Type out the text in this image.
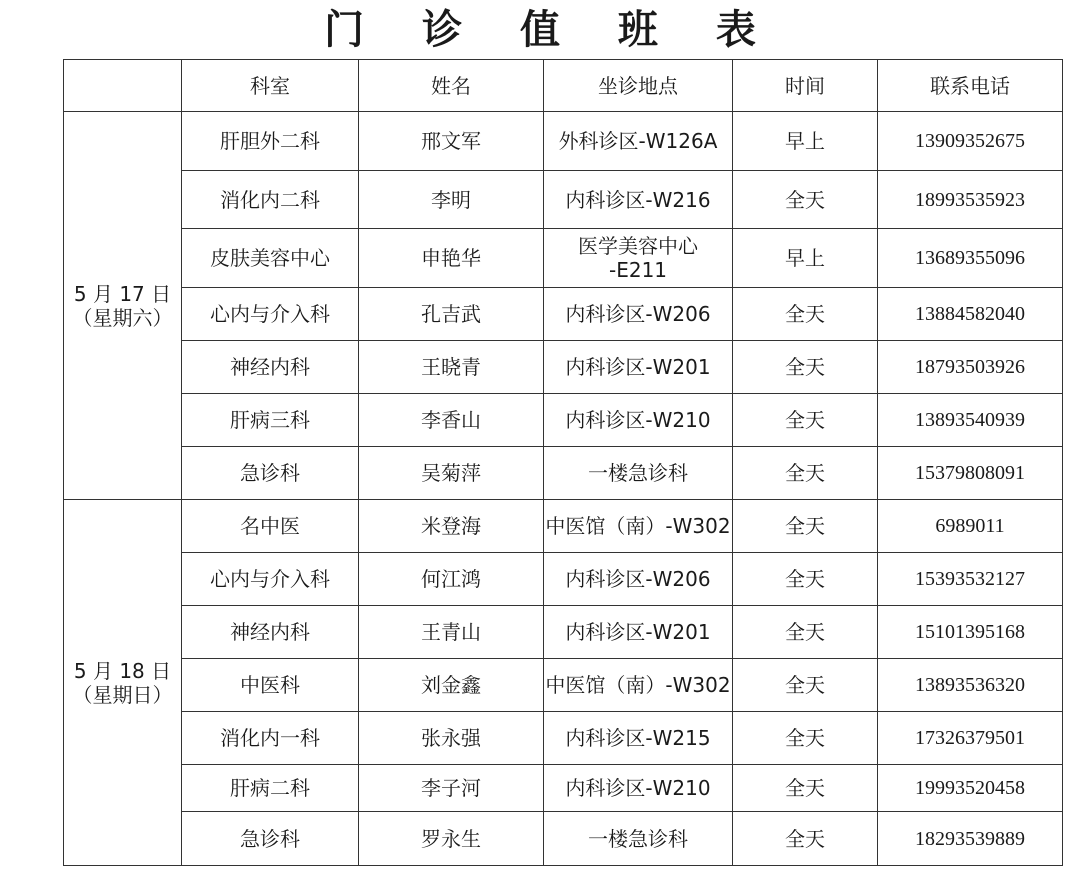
门 诊 值 班 表
	科室	姓名	坐诊地点	时间	联系电话

5 月 17 日
（星期六）	肝胆外二科	邢文军	外科诊区-W126A	早上	13909352675
	消化内二科	李明	内科诊区-W216	全天	18993535923
	皮肤美容中心	申艳华	医学美容中心
-E211	早上	13689355096
	心内与介入科	孔吉武	内科诊区-W206	全天	13884582040
	神经内科	王晓青	内科诊区-W201	全天	18793503926
	肝病三科	李香山	内科诊区-W210	全天	13893540939
	急诊科	吴菊萍	一楼急诊科	全天	15379808091

5 月 18 日
（星期日）	名中医	米登海	中医馆（南）-W302	全天	6989011
	心内与介入科	何江鸿	内科诊区-W206	全天	15393532127
	神经内科	王青山	内科诊区-W201	全天	15101395168
	中医科	刘金鑫	中医馆（南）-W302	全天	13893536320
	消化内一科	张永强	内科诊区-W215	全天	17326379501
	肝病二科	李子河	内科诊区-W210	全天	19993520458
	急诊科	罗永生	一楼急诊科	全天	18293539889
